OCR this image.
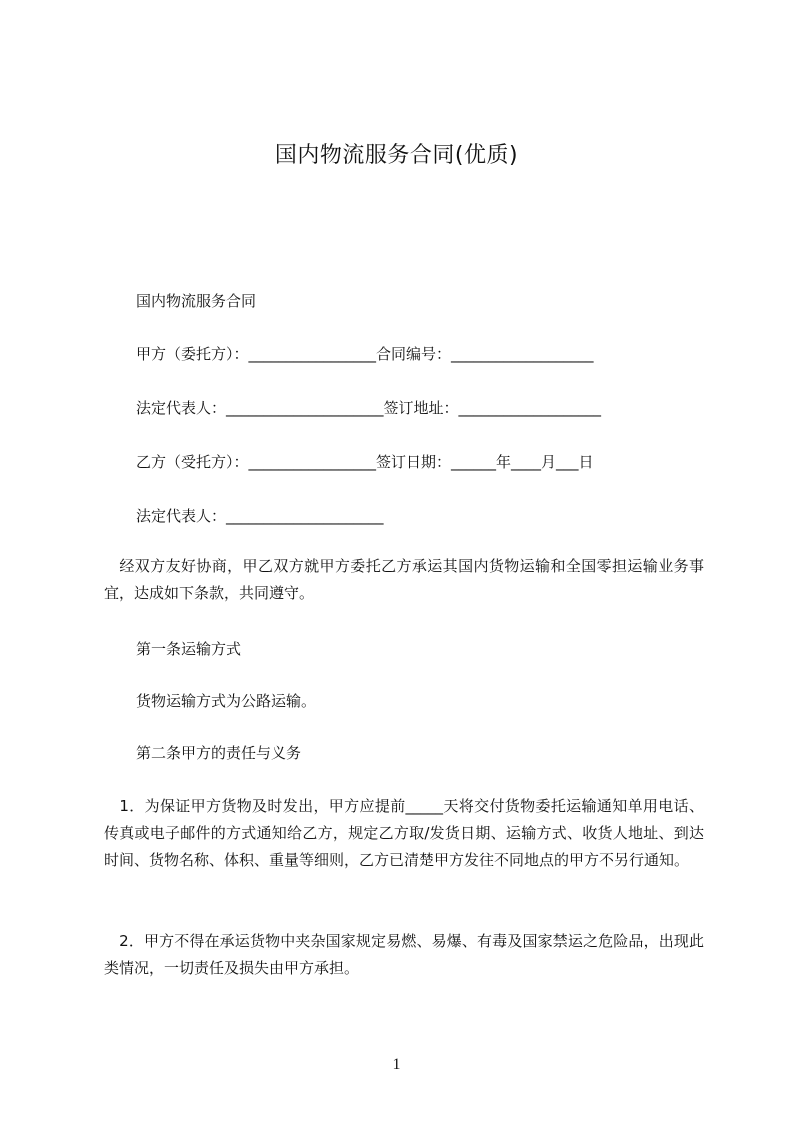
国内物流服务合同(优质)
国内物流服务合同
甲方（委托方）：_________________合同编号：___________________
法定代表人：_____________________签订地址：___________________
乙方（受托方）：_________________签订日期：______年____月___日
法定代表人：_____________________
　经双方友好协商，甲乙双方就甲方委托乙方承运其国内货物运输和全国零担运输业务事宜，达成如下条款，共同遵守。
第一条运输方式
货物运输方式为公路运输。
第二条甲方的责任与义务
　1．为保证甲方货物及时发出，甲方应提前_____天将交付货物委托运输通知单用电话、传真或电子邮件的方式通知给乙方，规定乙方取/发货日期、运输方式、收货人地址、到达时间、货物名称、体积、重量等细则，乙方已清楚甲方发往不同地点的甲方不另行通知。
　2．甲方不得在承运货物中夹杂国家规定易燃、易爆、有毒及国家禁运之危险品，出现此类情况，一切责任及损失由甲方承担。
1
